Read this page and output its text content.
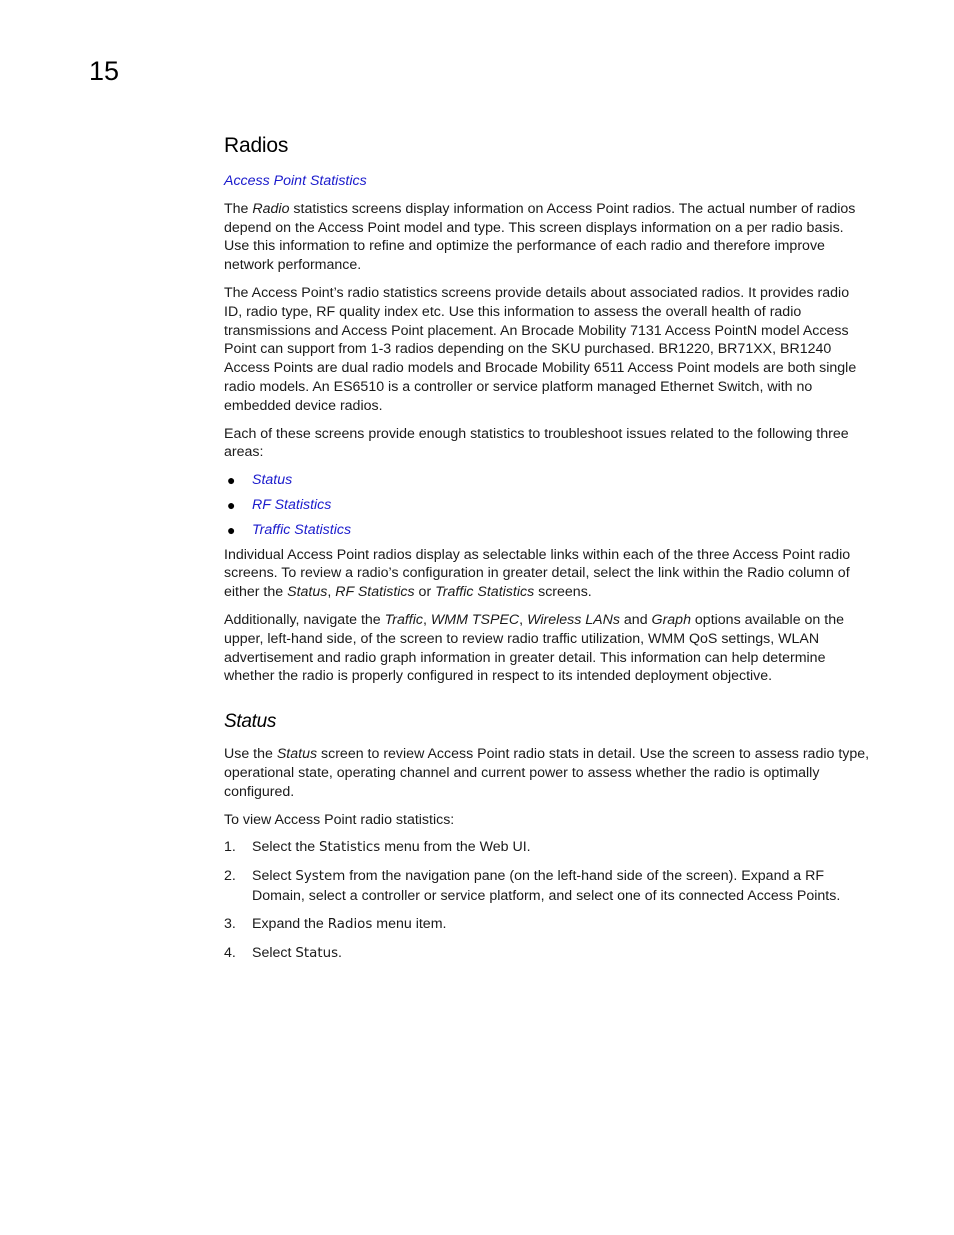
15
Radios
Access Point Statistics

The Radio statistics screens display information on Access Point radios. The actual number of radios depend on the Access Point model and type. This screen displays information on a per radio basis. Use this information to refine and optimize the performance of each radio and therefore improve network performance.

The Access Point’s radio statistics screens provide details about associated radios. It provides radio ID, radio type, RF quality index etc. Use this information to assess the overall health of radio transmissions and Access Point placement. An Brocade Mobility 7131 Access PointN model Access Point can support from 1-3 radios depending on the SKU purchased. BR1220, BR71XX, BR1240 Access Points are dual radio models and Brocade Mobility 6511 Access Point models are both single radio models. An ES6510 is a controller or service platform managed Ethernet Switch, with no embedded device radios.

Each of these screens provide enough statistics to troubleshoot issues related to the following three areas:

● Status
● RF Statistics
● Traffic Statistics

Individual Access Point radios display as selectable links within each of the three Access Point radio screens. To review a radio’s configuration in greater detail, select the link within the Radio column of either the Status, RF Statistics or Traffic Statistics screens.

Additionally, navigate the Traffic, WMM TSPEC, Wireless LANs and Graph options available on the upper, left-hand side, of the screen to review radio traffic utilization, WMM QoS settings, WLAN advertisement and radio graph information in greater detail. This information can help determine whether the radio is properly configured in respect to its intended deployment objective.

Status

Use the Status screen to review Access Point radio stats in detail. Use the screen to assess radio type, operational state, operating channel and current power to assess whether the radio is optimally configured.

To view Access Point radio statistics:

1. Select the Statistics menu from the Web UI.
2. Select System from the navigation pane (on the left-hand side of the screen). Expand a RF Domain, select a controller or service platform, and select one of its connected Access Points.
3. Expand the Radios menu item.
4. Select Status.
